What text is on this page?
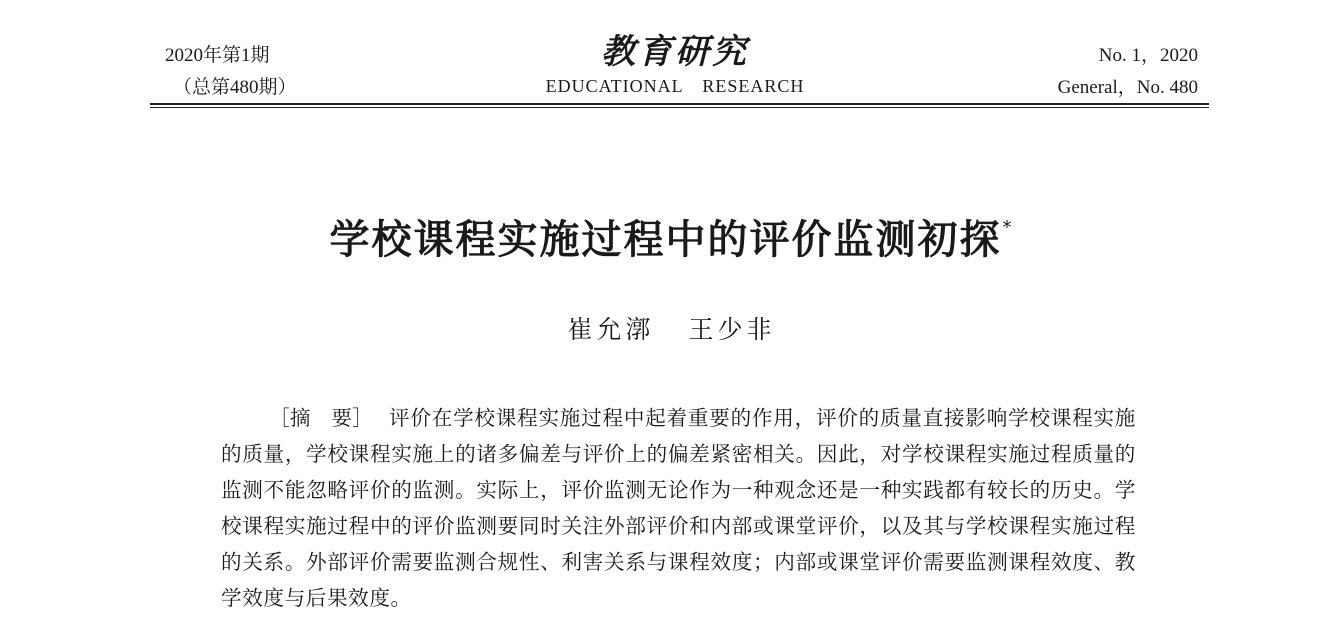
2020年第1期
（总第480期）
教育研究
EDUCATIONAL RESEARCH
No. 1，2020
General，No. 480
学校课程实施过程中的评价监测初探*
崔允漷 王少非
［摘　要］ 评价在学校课程实施过程中起着重要的作用，评价的质量直接影响学校课程实施的质量，学校课程实施上的诸多偏差与评价上的偏差紧密相关。因此，对学校课程实施过程质量的监测不能忽略评价的监测。实际上，评价监测无论作为一种观念还是一种实践都有较长的历史。学校课程实施过程中的评价监测要同时关注外部评价和内部或课堂评价，以及其与学校课程实施过程的关系。外部评价需要监测合规性、利害关系与课程效度；内部或课堂评价需要监测课程效度、教学效度与后果效度。
